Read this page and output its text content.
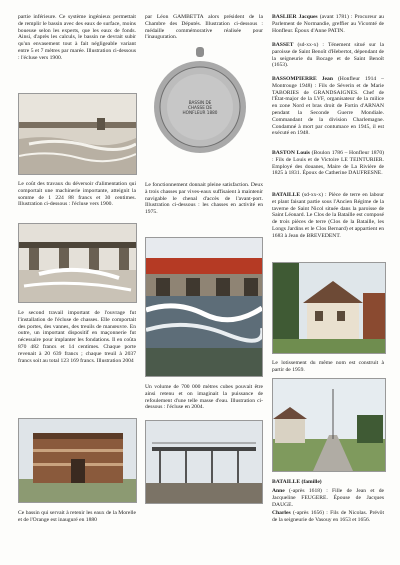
partie inférieure. Ce système ingénieux permettait de remplir le bassin avec des eaux de surface, moins boueuse selon les experts, que les eaux de fonds. Ainsi, d'après les calculs, le bassin ne devrait subir qu'un envasement tout à fait négligeable variant entre 5 et 7 mètres par marée. Illustration ci-dessous : l'écluse vers 1900.

Le coût des travaux du déversoir d'alimentation qui comportait une machinerie importante, atteignit la somme de 1 224 88 francs et 30 centimes. Illustration ci-dessous : l'écluse vers 1900.

Le second travail important de l'ouvrage fut l'installation de l'écluse de chasses. Elle comportait des portes, des vannes, des treuils de manœuvre. En outre, un important dispositif en maçonnerie fut nécessaire pour implanter les fondations. Il en coûta 870 482 francs et 14 centimes. Chaque porte revenait à 20 639 francs ; chaque treuil à 2037 francs soit au total 123 169 francs. Illustration 2004

Ce bassin qui servait à retenir les eaux de la Morelle et de l'Orange est inauguré en 1880

par Léon GAMBETTA alors président de la Chambre des Députés. Illustration ci-dessous : médaille commémorative réalisée pour l'inauguration.

BASSIN DE CHASSE DE HONFLEUR 1880

Le fonctionnement donnait pleine satisfaction. Deux à trois chasses par vives-eaux suffisaient à maintenir navigable le chenal d'accès de l'avant-port. Illustration ci-dessous : les chasses en activité en 1975.

Un volume de 700 000 mètres cubes pouvait être ainsi retenu et on imaginait la puissance de refoulement d'une telle masse d'eau. Illustration ci-dessous : l'écluse en 2004.

BASLIER Jacques (avant 1781) : Procureur au Parlement de Normandie, greffier au Vicomté de Honfleur. Époux d'Anne PATIN.

BASSET (sd-xx-x) : Ténement situé sur la paroisse de Saint Benoît d'Hebertot, dépendant de la seigneurie du Bocage et de Saint Benoît (1653).

BASSOMPIERRE Jean (Honfleur 1914 – Montrouge 1948) : Fils de Séverin et de Marie TABORIES de GRANDSAIGNES. Chef de l'État-major de la LVF, organisateur de la milice en zone Nord et bras droit de Fortin d'ARNAN pendant la Seconde Guerre Mondiale. Commandant de la division Charlemagne. Condamné à mort par contumace en 1945, il est exécuté en 1948.

BASTON Louis (Boulon 1786 – Honfleur 1870) : Fils de Louis et de Victoire LE TEINTURIER. Employé des douanes, Maire de La Rivière de 1825 à 1831. Époux de Catherine DAUFRESNE.

BATAILLE (sd-xx-x) : Pièce de terre en labour et plant faisant partie sous l'Ancien Régime de la taverne de Saint Nicol située dans la paroisse de Saint Léonard. Le Clos de la Bataille est composé de trois pièces de terre (Clos de la Bataille, les Longs Jardins et le Clos Bernard) et appartient en 1683 à Jean de BREVEDENT.

Le lotissement du même nom est construit à partir de 1959.

BATAILLE (famille)

Anne (-après 1618) : Fille de Jean et de Jacqueline FEUGERE. Épouse de Jacques DAUGE.

Charles (-après 1656) : Fils de Nicolas. Prévôt de la seigneurie de Vasouy en 1653 et 1656.
